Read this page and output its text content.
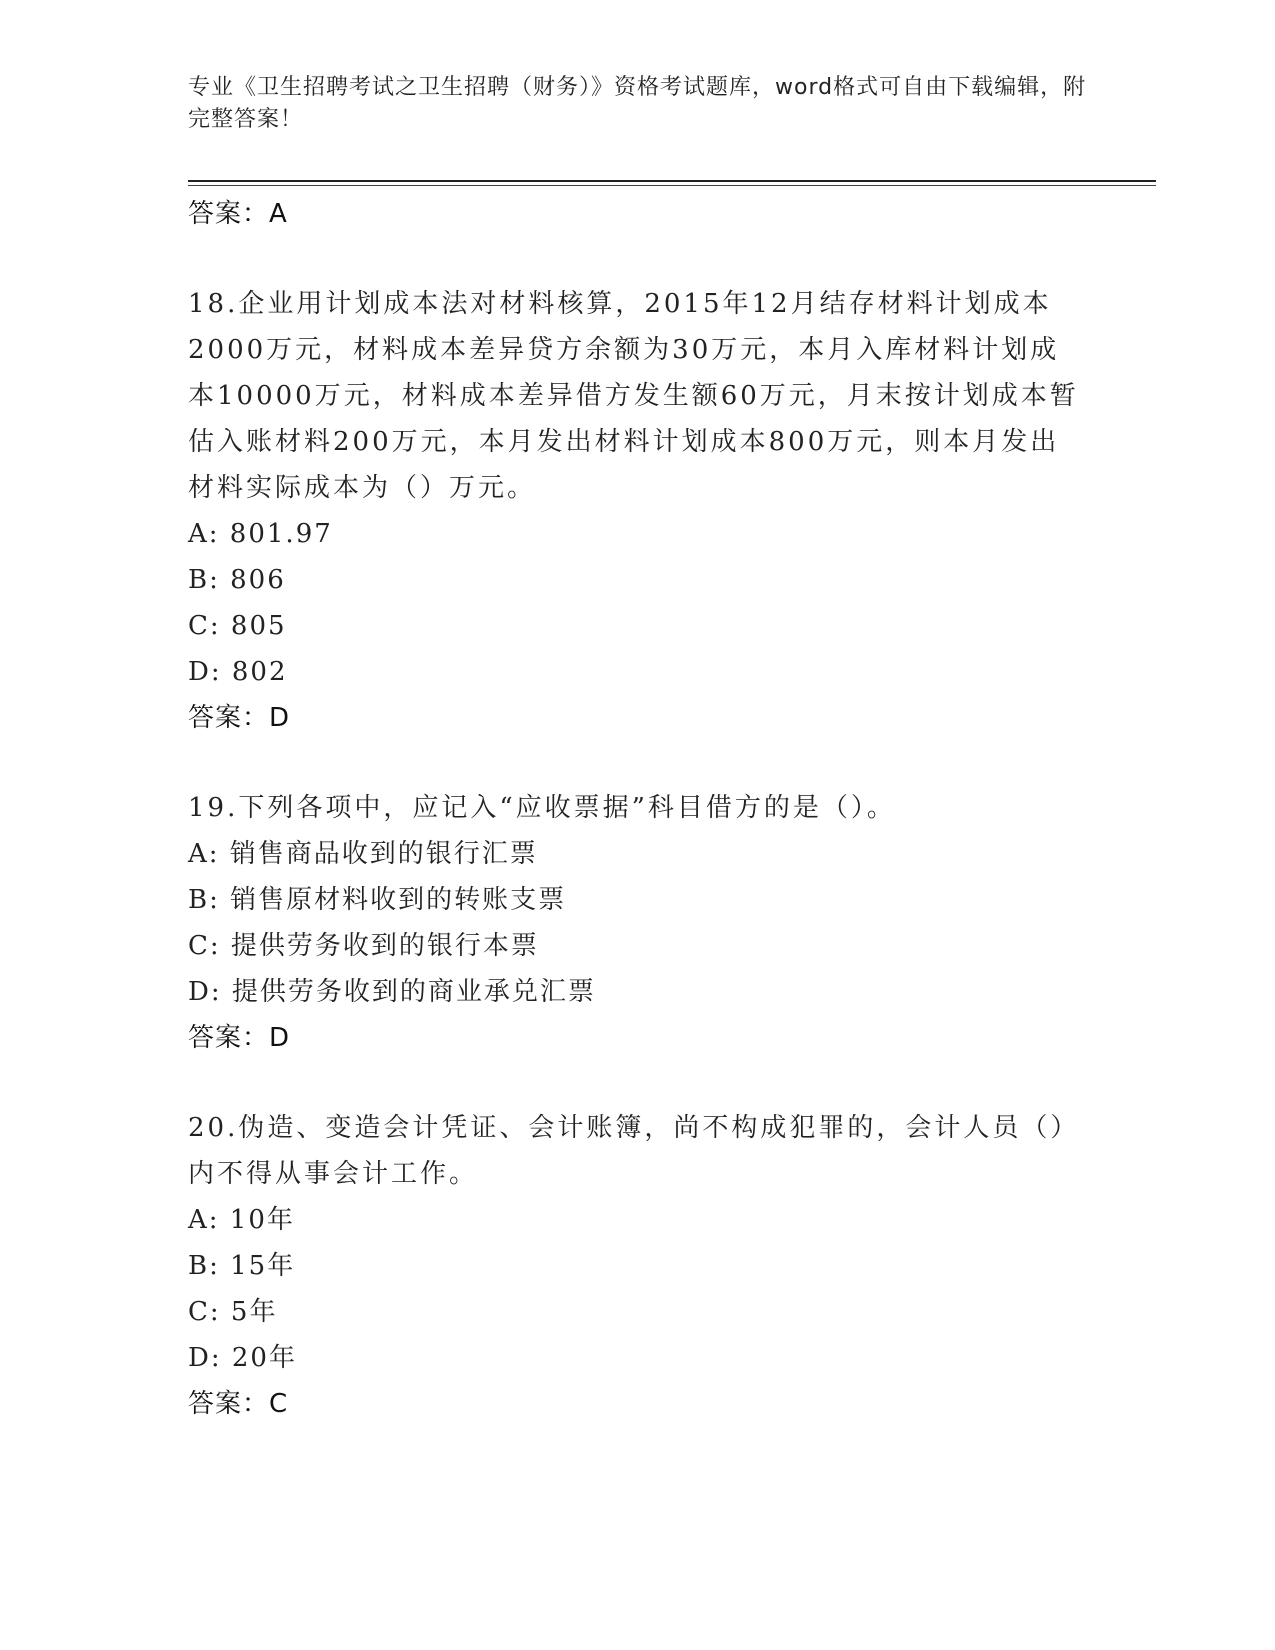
专业《卫生招聘考试之卫生招聘（财务）》资格考试题库，word格式可自由下载编辑，附完整答案！
答案：A
18.企业用计划成本法对材料核算，2015年12月结存材料计划成本2000万元，材料成本差异贷方余额为30万元，本月入库材料计划成本10000万元，材料成本差异借方发生额60万元，月末按计划成本暂估入账材料200万元，本月发出材料计划成本800万元，则本月发出材料实际成本为（）万元。
A: 801.97
B: 806
C: 805
D: 802
答案：D
19.下列各项中，应记入“应收票据”科目借方的是（）。
A: 销售商品收到的银行汇票
B: 销售原材料收到的转账支票
C: 提供劳务收到的银行本票
D: 提供劳务收到的商业承兑汇票
答案：D
20.伪造、变造会计凭证、会计账簿，尚不构成犯罪的，会计人员（）内不得从事会计工作。
A: 10年
B: 15年
C: 5年
D: 20年
答案：C
